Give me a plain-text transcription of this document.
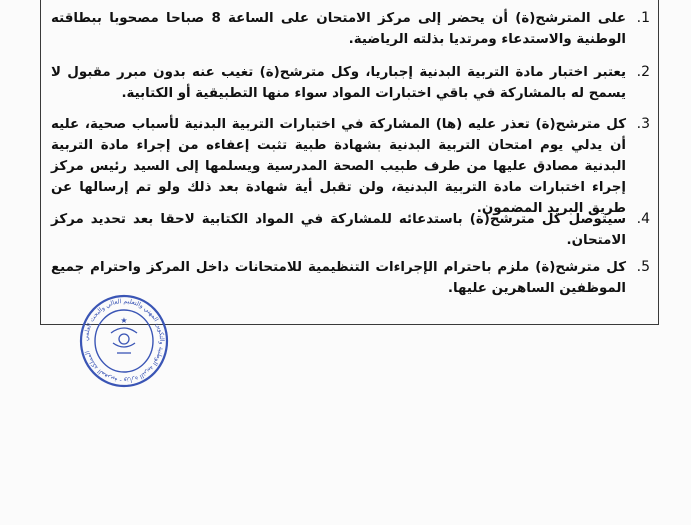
على المترشح(ة) أن يحضر إلى مركز الامتحان على الساعة 8 صباحا مصحوبا ببطاقته الوطنية والاستدعاء ومرتديا بذلته الرياضية.
.1
يعتبر اختبار مادة التربية البدنية إجباريا، وكل مترشح(ة) تغيب عنه بدون مبرر مقبول لا يسمح له بالمشاركة في باقي اختبارات المواد سواء منها التطبيقية أو الكتابية.
.2
كل مترشح(ة) تعذر عليه (ها) المشاركة في اختبارات التربية البدنية لأسباب صحية، عليه أن يدلي يوم امتحان التربية البدنية بشهادة طبية تثبت إعفاءه من إجراء مادة التربية البدنية مصادق عليها من طرف طبيب الصحة المدرسية ويسلمها إلى السيد رئيس مركز إجراء اختبارات مادة التربية البدنية، ولن تقبل أية شهادة بعد ذلك ولو تم إرسالها عن طريق البريد المضمون.
.3
سيتوصل كل مترشح(ة) باستدعائه للمشاركة في المواد الكتابية لاحقا بعد تحديد مركز الامتحان.
.4
كل مترشح(ة) ملزم باحترام الإجراءات التنظيمية للامتحانات داخل المركز واحترام جميع الموظفين الساهرين عليها.
.5
المملكة المغربية - وزارة التربية الوطنية والتكوين المهني والتعليم العالي والبحث العلمي
★
